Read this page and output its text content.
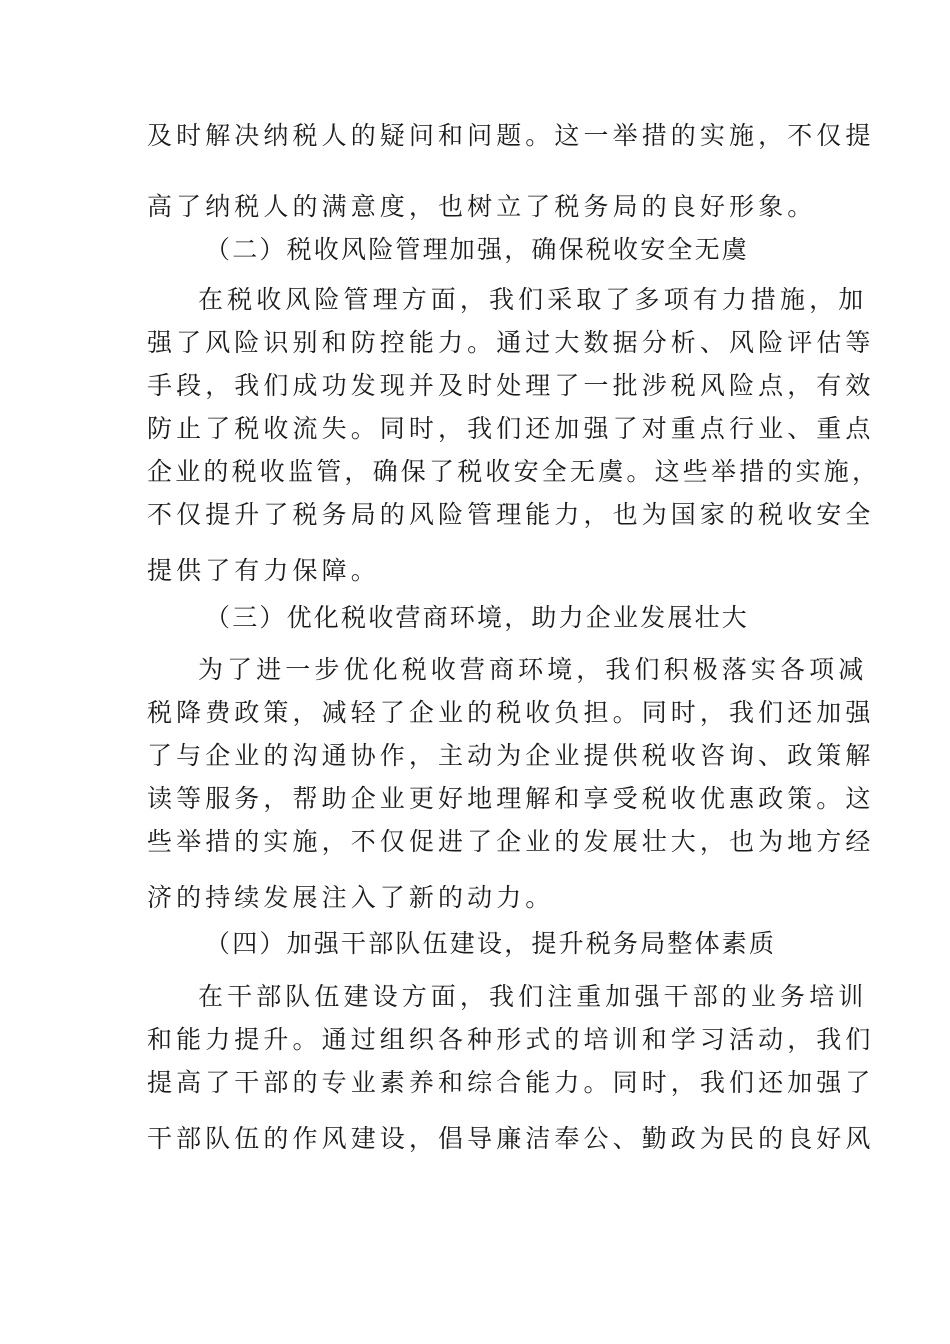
及时解决纳税人的疑问和问题。这一举措的实施，不仅提
高了纳税人的满意度，也树立了税务局的良好形象。
（二）税收风险管理加强，确保税收安全无虞
在税收风险管理方面，我们采取了多项有力措施，加
强了风险识别和防控能力。通过大数据分析、风险评估等
手段，我们成功发现并及时处理了一批涉税风险点，有效
防止了税收流失。同时，我们还加强了对重点行业、重点
企业的税收监管，确保了税收安全无虞。这些举措的实施，
不仅提升了税务局的风险管理能力，也为国家的税收安全
提供了有力保障。
（三）优化税收营商环境，助力企业发展壮大
为了进一步优化税收营商环境，我们积极落实各项减
税降费政策，减轻了企业的税收负担。同时，我们还加强
了与企业的沟通协作，主动为企业提供税收咨询、政策解
读等服务，帮助企业更好地理解和享受税收优惠政策。这
些举措的实施，不仅促进了企业的发展壮大，也为地方经
济的持续发展注入了新的动力。
（四）加强干部队伍建设，提升税务局整体素质
在干部队伍建设方面，我们注重加强干部的业务培训
和能力提升。通过组织各种形式的培训和学习活动，我们
提高了干部的专业素养和综合能力。同时，我们还加强了
干部队伍的作风建设，倡导廉洁奉公、勤政为民的良好风
